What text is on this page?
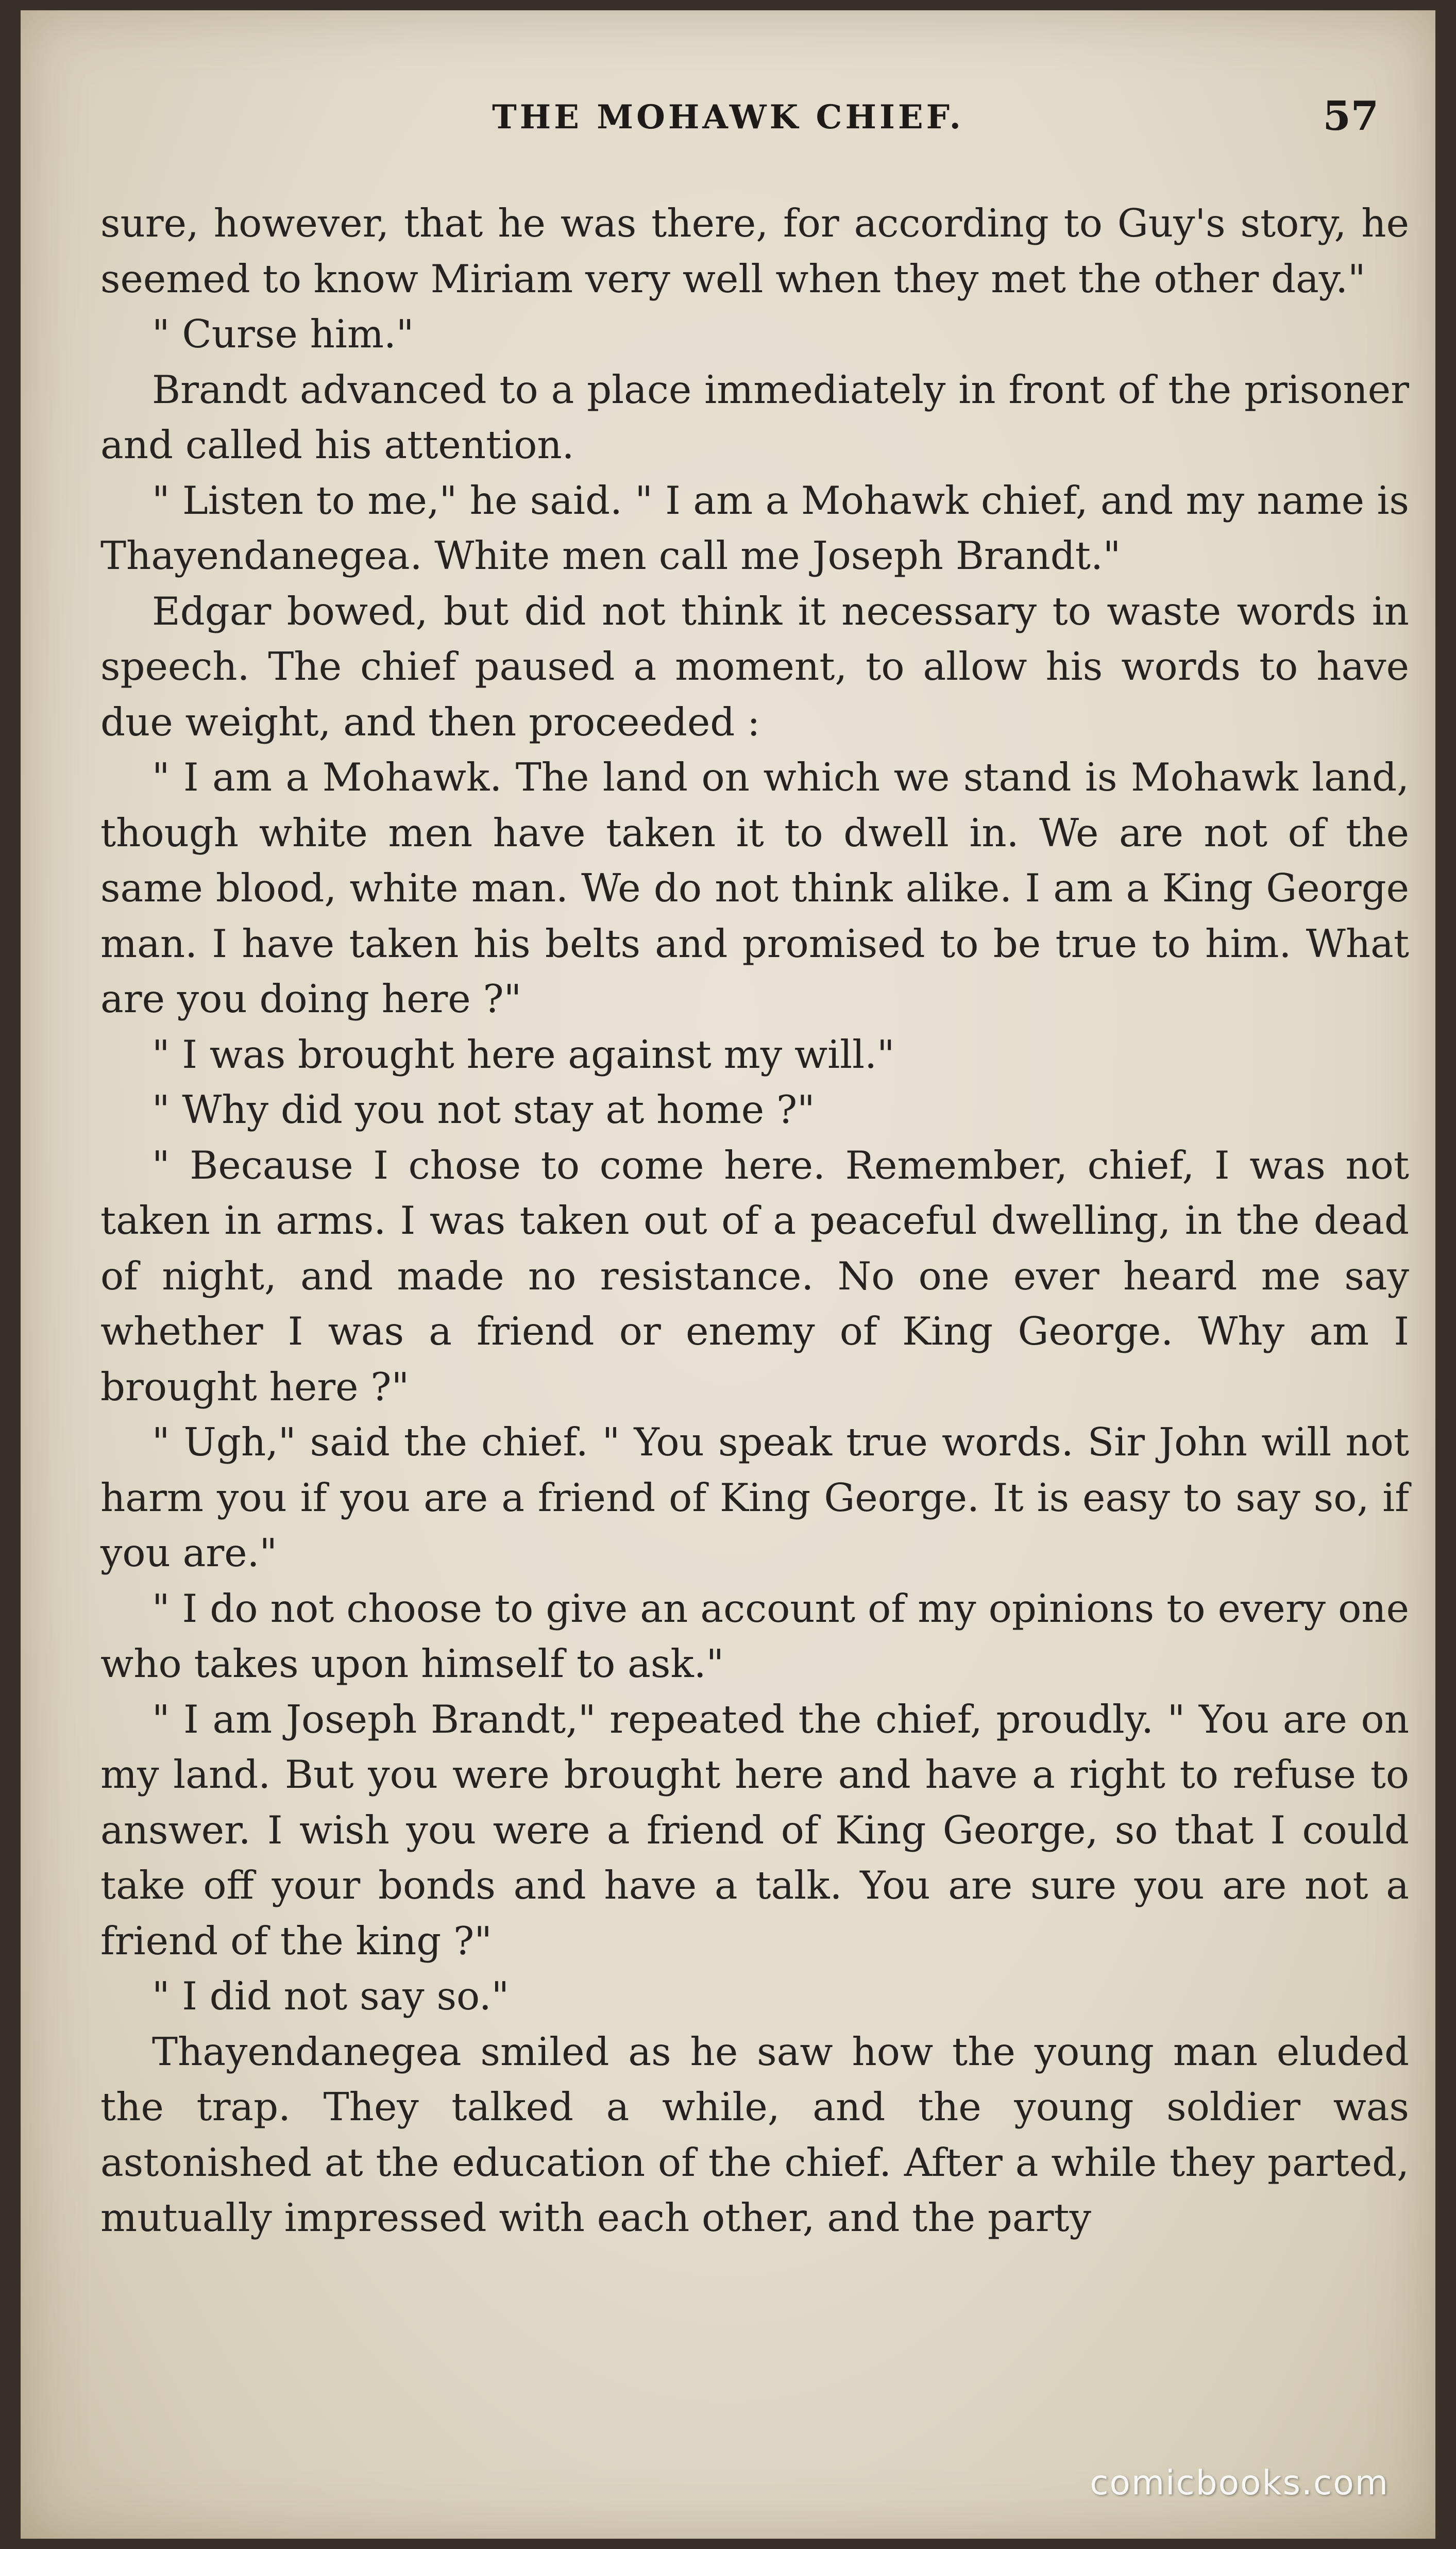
THE MOHAWK CHIEF.	57

sure, however, that he was there, for according to Guy's story, he seemed to know Miriam very well when they met the other day."

" Curse him."

Brandt advanced to a place immediately in front of the prisoner and called his attention.

" Listen to me," he said. " I am a Mohawk chief, and my name is Thayendanegea. White men call me Joseph Brandt."

Edgar bowed, but did not think it necessary to waste words in speech. The chief paused a moment, to allow his words to have due weight, and then proceeded :

" I am a Mohawk. The land on which we stand is Mohawk land, though white men have taken it to dwell in. We are not of the same blood, white man. We do not think alike. I am a King George man. I have taken his belts and promised to be true to him. What are you doing here ?"

" I was brought here against my will."

" Why did you not stay at home ?"

" Because I chose to come here. Remember, chief, I was not taken in arms. I was taken out of a peaceful dwelling, in the dead of night, and made no resistance. No one ever heard me say whether I was a friend or enemy of King George. Why am I brought here ?"

" Ugh," said the chief. " You speak true words. Sir John will not harm you if you are a friend of King George. It is easy to say so, if you are."

" I do not choose to give an account of my opinions to every one who takes upon himself to ask."

" I am Joseph Brandt," repeated the chief, proudly. " You are on my land. But you were brought here and have a right to refuse to answer. I wish you were a friend of King George, so that I could take off your bonds and have a talk. You are sure you are not a friend of the king ?"

" I did not say so."

Thayendanegea smiled as he saw how the young man eluded the trap. They talked a while, and the young soldier was astonished at the education of the chief. After a while they parted, mutually impressed with each other, and the party

comicbooks.com
